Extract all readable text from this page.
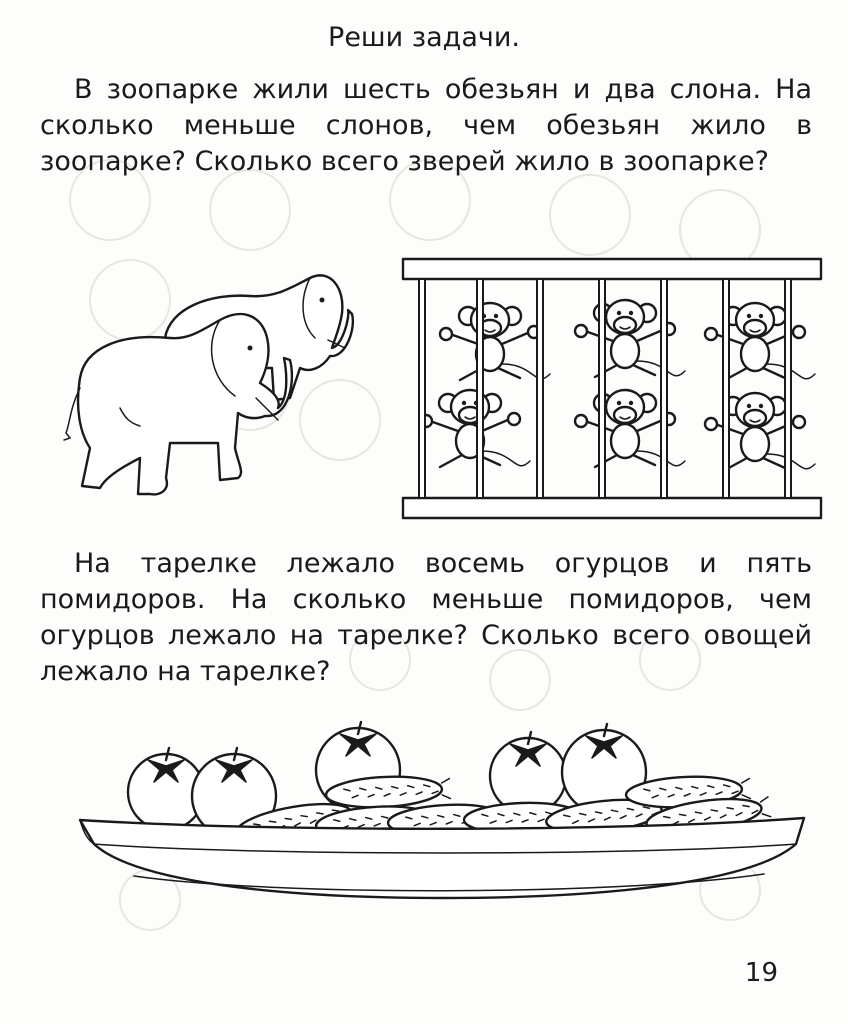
Реши задачи.

В зоопарке жили шесть обезьян и два слона. На сколько меньше слонов, чем обезьян жило в зоопарке? Сколько всего зверей жило в зоопарке?

На тарелке лежало восемь огурцов и пять помидоров. На сколько меньше помидоров, чем огурцов лежало на тарелке? Сколько всего овощей лежало на тарелке?

19
